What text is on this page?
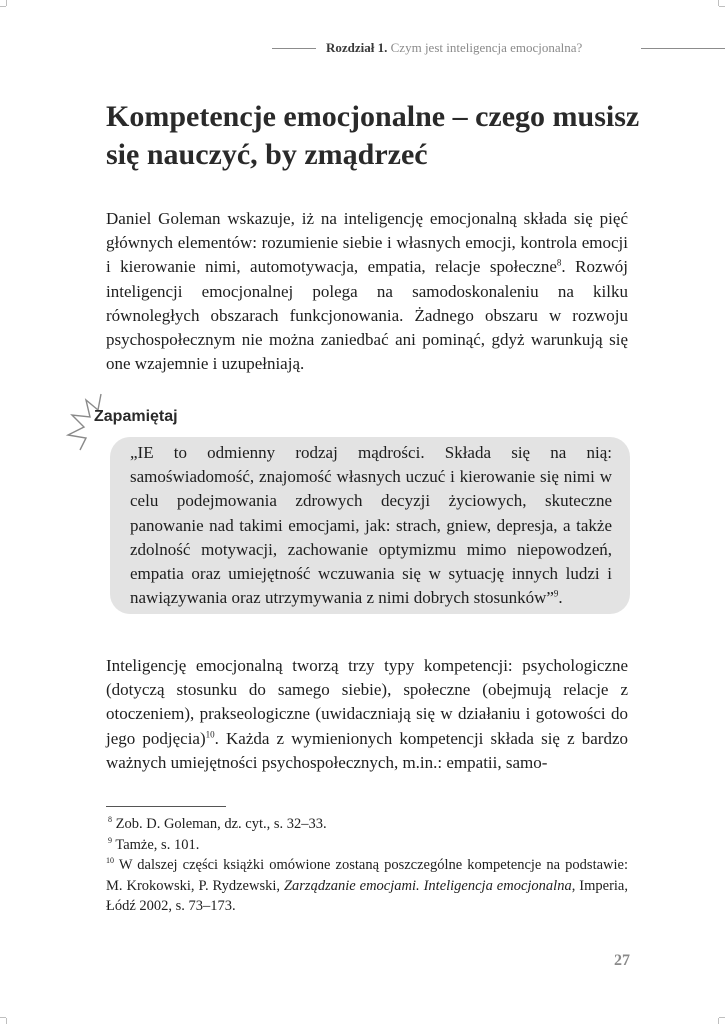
Rozdział 1. Czym jest inteligencja emocjonalna?
Kompetencje emocjonalne – czego musisz się nauczyć, by zmądrzeć

Daniel Goleman wskazuje, iż na inteligencję emocjonalną składa się pięć głównych elementów: rozumienie siebie i własnych emocji, kontrola emocji i kierowanie nimi, automotywacja, empatia, relacje społeczne$^8$. Rozwój inteligencji emocjonalnej polega na samodoskonaleniu na kilku równoległych obszarach funkcjonowania. Żadnego obszaru w rozwoju psychospołecznym nie można zaniedbać ani pominąć, gdyż warunkują się one wzajemnie i uzupełniają.

Zapamiętaj

„IE to odmienny rodzaj mądrości. Składa się na nią: samoświadomość, znajomość własnych uczuć i kierowanie się nimi w celu podejmowania zdrowych decyzji życiowych, skuteczne panowanie nad takimi emocjami, jak: strach, gniew, depresja, a także zdolność motywacji, zachowanie optymizmu mimo niepowodzeń, empatia oraz umiejętność wczuwania się w sytuację innych ludzi i nawiązywania oraz utrzymywania z nimi dobrych stosunków”$^9$.

Inteligencję emocjonalną tworzą trzy typy kompetencji: psychologiczne (dotyczą stosunku do samego siebie), społeczne (obejmują relacje z otoczeniem), prakseologiczne (uwidaczniają się w działaniu i gotowości do jego podjęcia)$^{10}$. Każda z wymienionych kompetencji składa się z bardzo ważnych umiejętności psychospołecznych, m.in.: empatii, samo-

$^8$ Zob. D. Goleman, dz. cyt., s. 32–33.

$^9$ Tamże, s. 101.

$^{10}$ W dalszej części książki omówione zostaną poszczególne kompetencje na podstawie: M. Krokowski, P. Rydzewski, Zarządzanie emocjami. Inteligencja emocjonalna, Imperia, Łódź 2002, s. 73–173.

27
